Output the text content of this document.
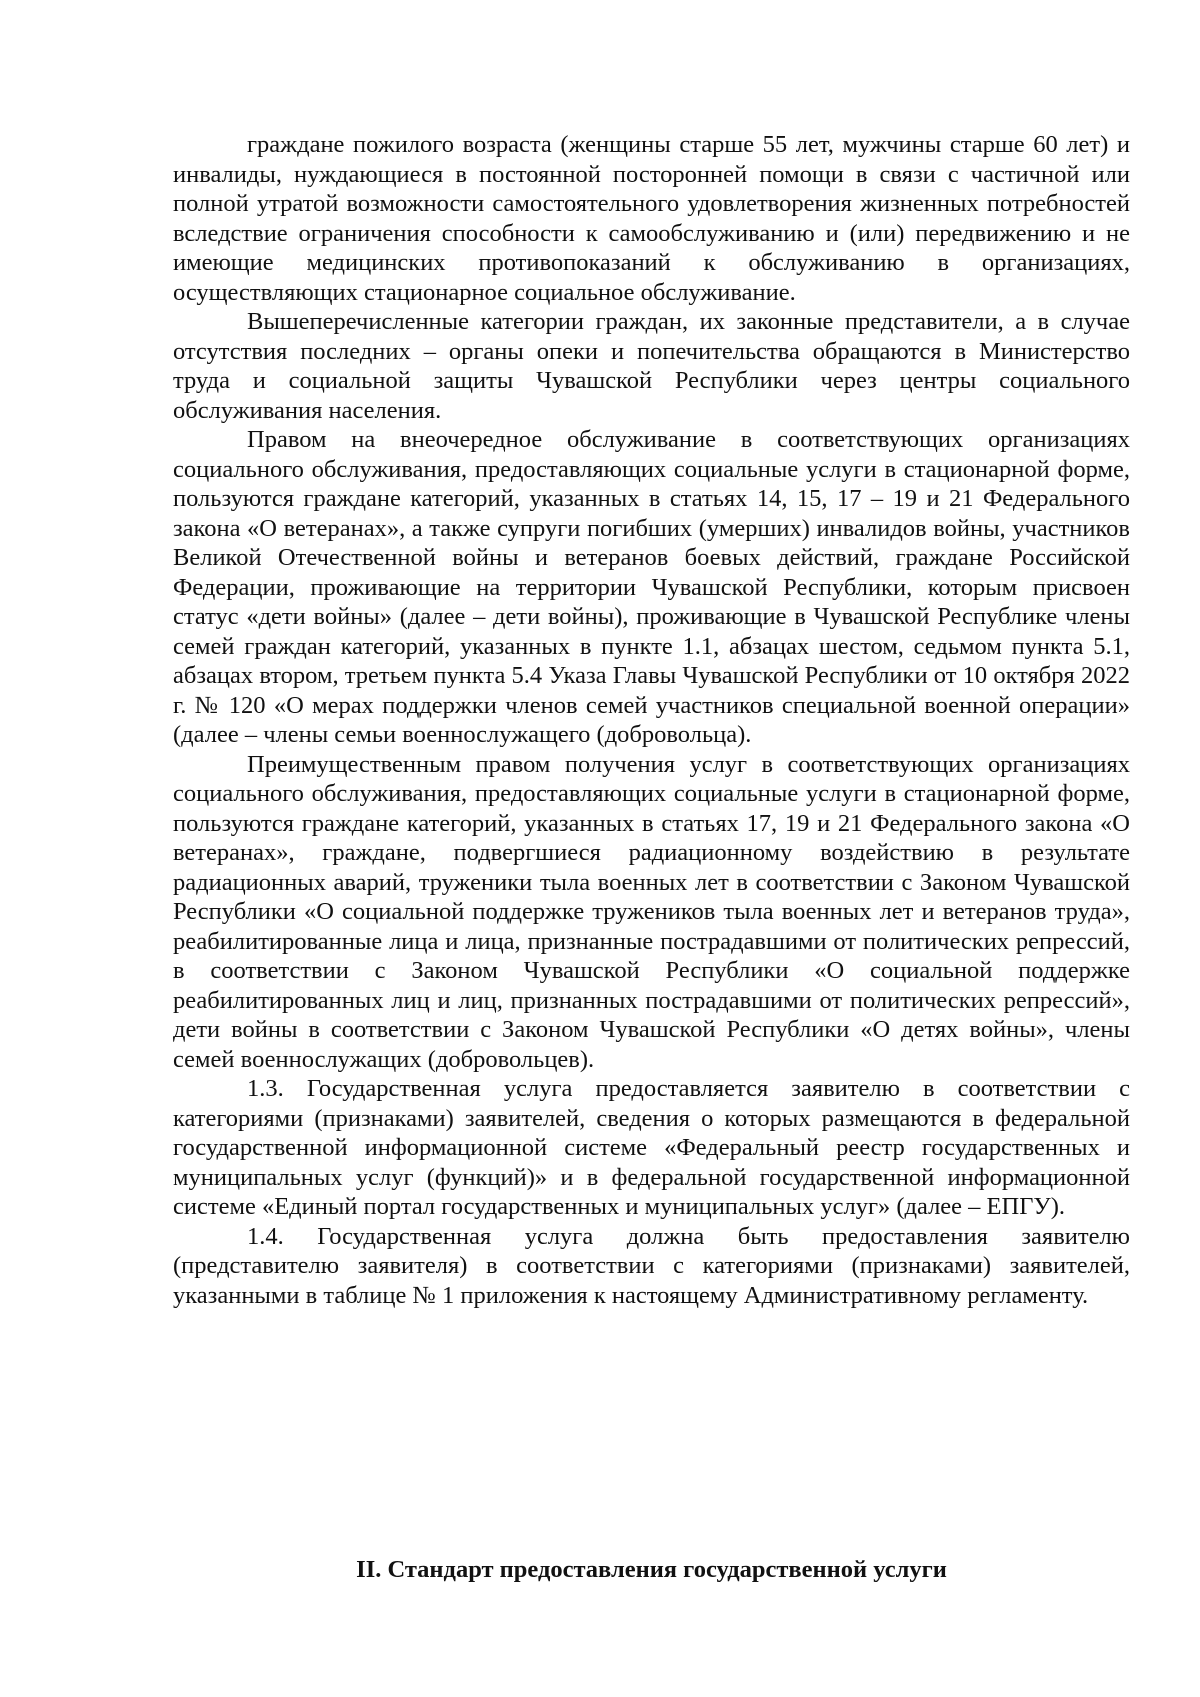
граждане пожилого возраста (женщины старше 55 лет, мужчины старше 60 лет) и инвалиды, нуждающиеся в постоянной посторонней помощи в связи с частичной или полной утратой возможности самостоятельного удовлетворения жизненных потребностей вследствие ограничения способности к самообслуживанию и (или) передвижению и не имеющие медицинских противопоказаний к обслуживанию в организациях, осуществляющих стационарное социальное обслуживание.

Вышеперечисленные категории граждан, их законные представители, а в случае отсутствия последних – органы опеки и попечительства обращаются в Министерство труда и социальной защиты Чувашской Республики через центры социального обслуживания населения.

Правом на внеочередное обслуживание в соответствующих организациях социального обслуживания, предоставляющих социальные услуги в стационарной форме, пользуются граждане категорий, указанных в статьях 14, 15, 17 – 19 и 21 Федерального закона «О ветеранах», а также супруги погибших (умерших) инвалидов войны, участников Великой Отечественной войны и ветеранов боевых действий, граждане Российской Федерации, проживающие на территории Чувашской Республики, которым присвоен статус «дети войны» (далее – дети войны), проживающие в Чувашской Республике члены семей граждан категорий, указанных в пункте 1.1, абзацах шестом, седьмом пункта 5.1, абзацах втором, третьем пункта 5.4 Указа Главы Чувашской Республики от 10 октября 2022 г. № 120 «О мерах поддержки членов семей участников специальной военной операции» (далее – члены семьи военнослужащего (добровольца).

Преимущественным правом получения услуг в соответствующих организациях социального обслуживания, предоставляющих социальные услуги в стационарной форме, пользуются граждане категорий, указанных в статьях 17, 19 и 21 Федерального закона «О ветеранах», граждане, подвергшиеся радиационному воздействию в результате радиационных аварий, труженики тыла военных лет в соответствии с Законом Чувашской Республики «О социальной поддержке тружеников тыла военных лет и ветеранов труда», реабилитированные лица и лица, признанные пострадавшими от политических репрессий, в соответствии с Законом Чувашской Республики «О социальной поддержке реабилитированных лиц и лиц, признанных пострадавшими от политических репрессий», дети войны в соответствии с Законом Чувашской Республики «О детях войны», члены семей военнослужащих (добровольцев).

1.3. Государственная услуга предоставляется заявителю в соответствии с категориями (признаками) заявителей, сведения о которых размещаются в федеральной государственной информационной системе «Федеральный реестр государственных и муниципальных услуг (функций)» и в федеральной государственной информационной системе «Единый портал государственных и муниципальных услуг» (далее – ЕПГУ).

1.4. Государственная услуга должна быть предоставления заявителю (представителю заявителя) в соответствии с категориями (признаками) заявителей, указанными в таблице № 1 приложения к настоящему Административному регламенту.

II. Стандарт предоставления государственной услуги
